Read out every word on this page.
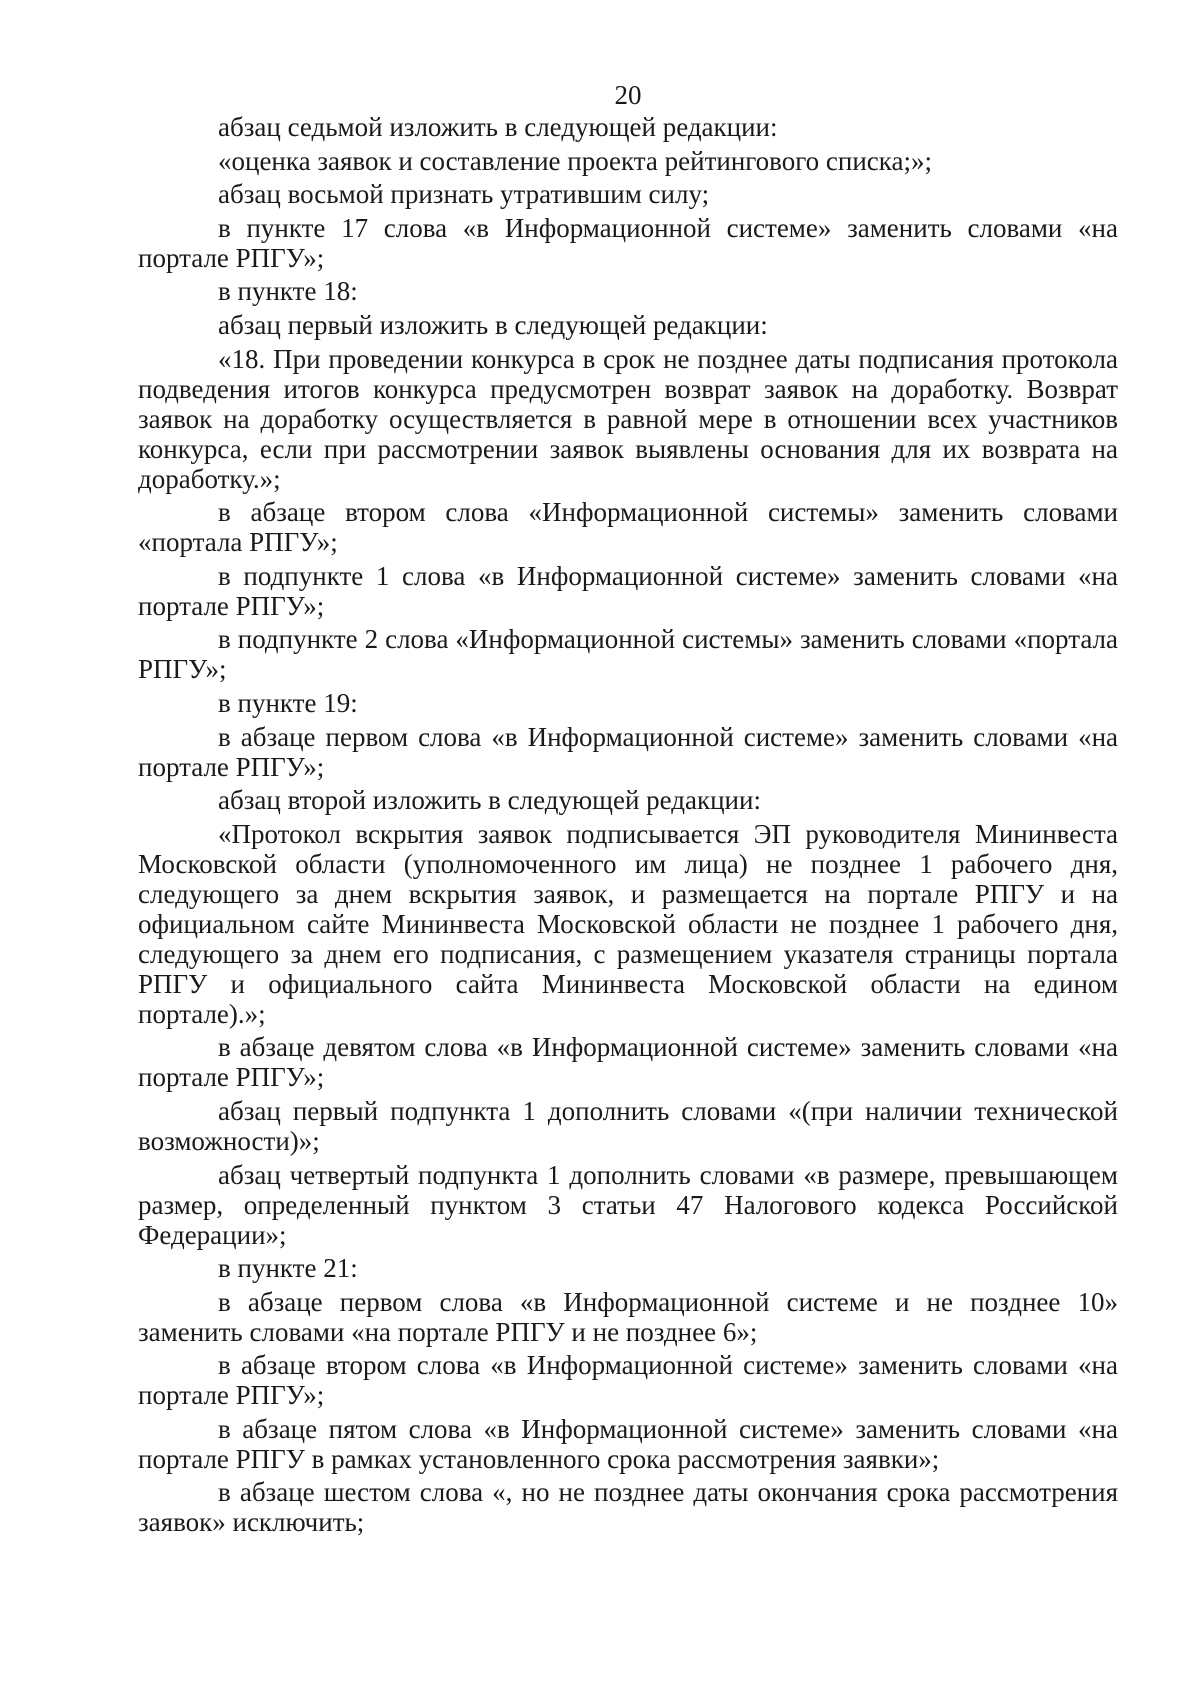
20

абзац седьмой изложить в следующей редакции:

«оценка заявок и составление проекта рейтингового списка;»;

абзац восьмой признать утратившим силу;

в пункте 17 слова «в Информационной системе» заменить словами «на портале РПГУ»;

в пункте 18:

абзац первый изложить в следующей редакции:

«18. При проведении конкурса в срок не позднее даты подписания протокола подведения итогов конкурса предусмотрен возврат заявок на доработку. Возврат заявок на доработку осуществляется в равной мере в отношении всех участников конкурса, если при рассмотрении заявок выявлены основания для их возврата на доработку.»;

в абзаце втором слова «Информационной системы» заменить словами «портала РПГУ»;

в подпункте 1 слова «в Информационной системе» заменить словами «на портале РПГУ»;

в подпункте 2 слова «Информационной системы» заменить словами «портала РПГУ»;

в пункте 19:

в абзаце первом слова «в Информационной системе» заменить словами «на портале РПГУ»;

абзац второй изложить в следующей редакции:

«Протокол вскрытия заявок подписывается ЭП руководителя Мининвеста Московской области (уполномоченного им лица) не позднее 1 рабочего дня, следующего за днем вскрытия заявок, и размещается на портале РПГУ и на официальном сайте Мининвеста Московской области не позднее 1 рабочего дня, следующего за днем его подписания, с размещением указателя страницы портала РПГУ и официального сайта Мининвеста Московской области на едином портале).»;

в абзаце девятом слова «в Информационной системе» заменить словами «на портале РПГУ»;

абзац первый подпункта 1 дополнить словами «(при наличии технической возможности)»;

абзац четвертый подпункта 1 дополнить словами «в размере, превышающем размер, определенный пунктом 3 статьи 47 Налогового кодекса Российской Федерации»;

в пункте 21:

в абзаце первом слова «в Информационной системе и не позднее 10» заменить словами «на портале РПГУ и не позднее 6»;

в абзаце втором слова «в Информационной системе» заменить словами «на портале РПГУ»;

в абзаце пятом слова «в Информационной системе» заменить словами «на портале РПГУ в рамках установленного срока рассмотрения заявки»;

в абзаце шестом слова «, но не позднее даты окончания срока рассмотрения заявок» исключить;
